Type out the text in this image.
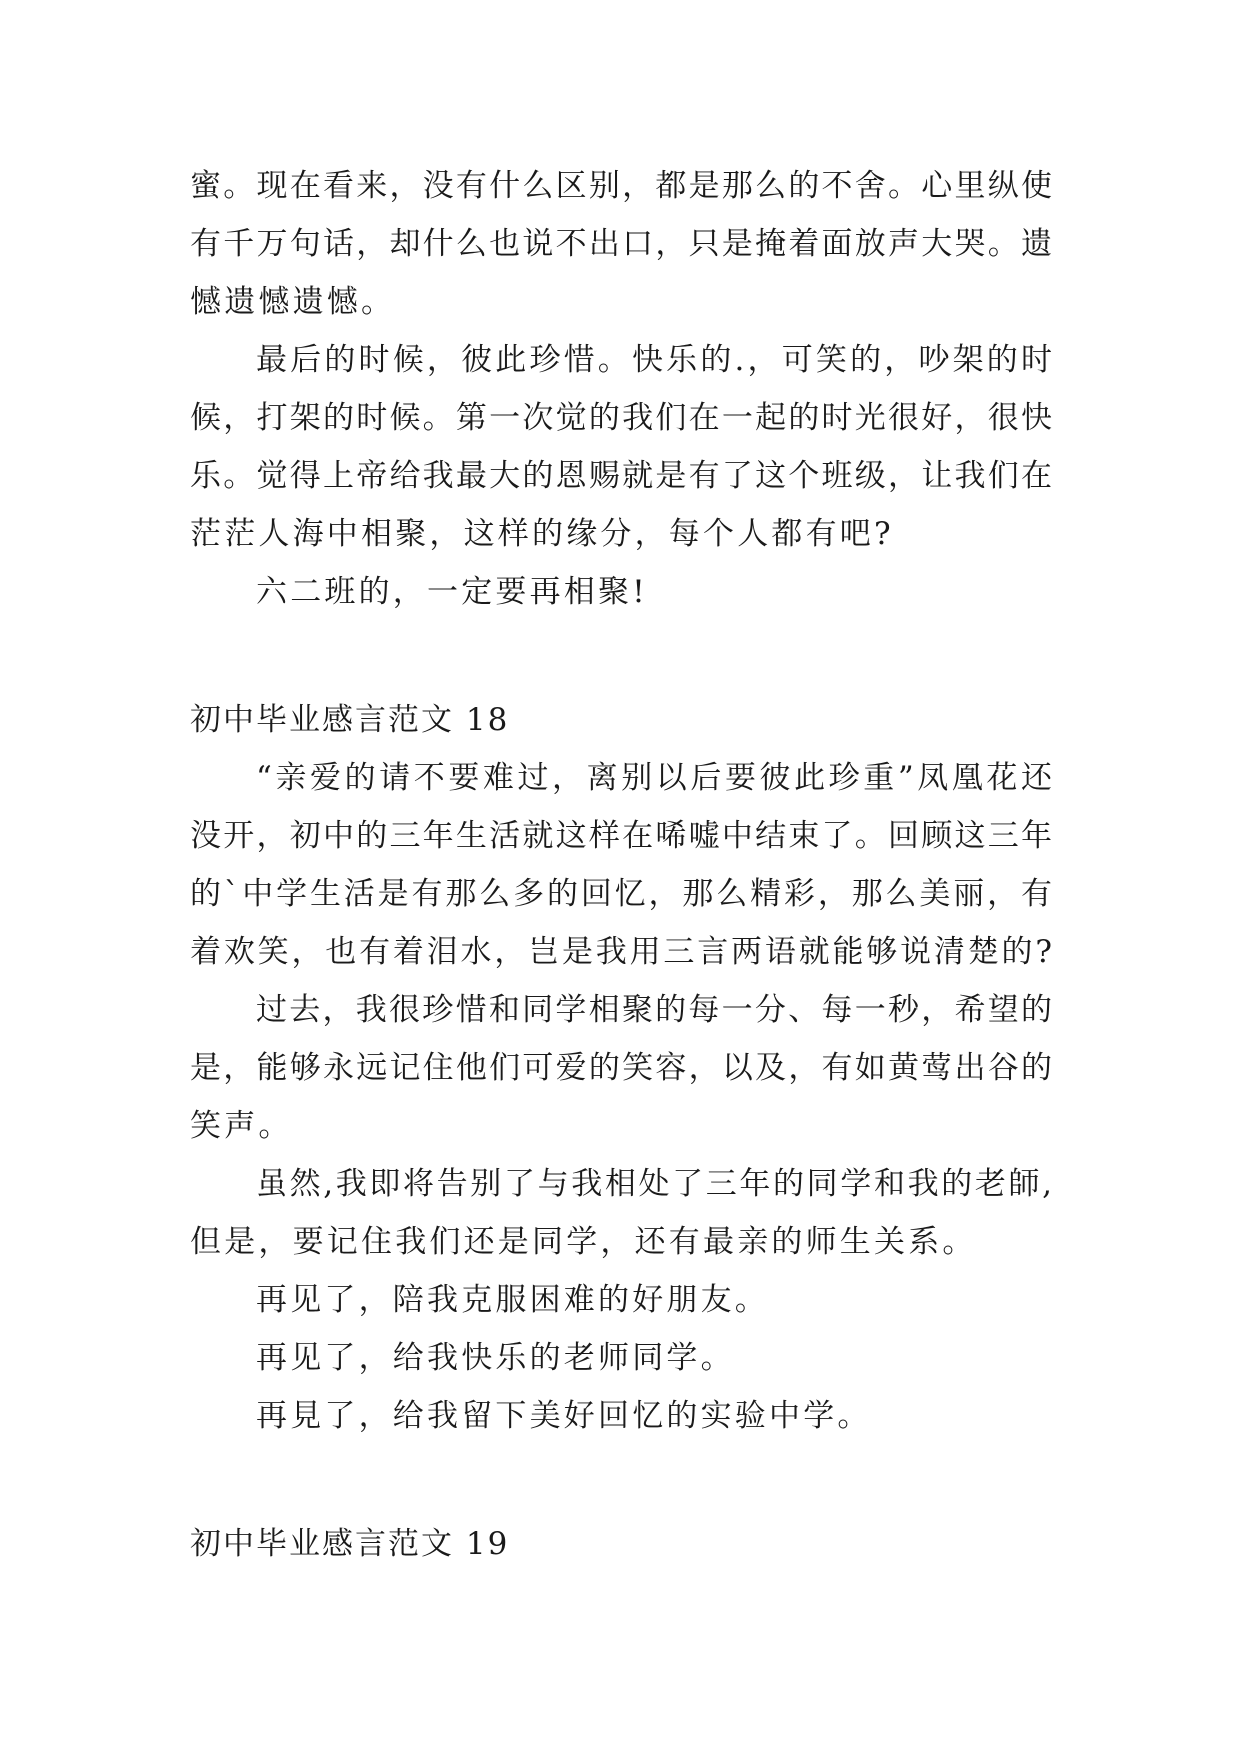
蜜。现在看来，没有什么区别，都是那么的不舍。心里纵使
有千万句话，却什么也说不出口，只是掩着面放声大哭。遗
憾遗憾遗憾。
最后的时候，彼此珍惜。快乐的.，可笑的，吵架的时
候，打架的时候。第一次觉的我们在一起的时光很好，很快
乐。觉得上帝给我最大的恩赐就是有了这个班级，让我们在
茫茫人海中相聚，这样的缘分，每个人都有吧?
六二班的，一定要再相聚!
初中毕业感言范文 18
“亲爱的请不要难过，离别以后要彼此珍重”凤凰花还
没开，初中的三年生活就这样在唏嘘中结束了。回顾这三年
的`中学生活是有那么多的回忆，那么精彩，那么美丽，有
着欢笑，也有着泪水，岂是我用三言两语就能够说清楚的?
过去，我很珍惜和同学相聚的每一分、每一秒，希望的
是，能够永远记住他们可爱的笑容，以及，有如黄莺出谷的
笑声。
虽然,我即将告别了与我相处了三年的同学和我的老師,
但是，要记住我们还是同学，还有最亲的师生关系。
再见了，陪我克服困难的好朋友。
再见了，给我快乐的老师同学。
再見了，给我留下美好回忆的实验中学。
初中毕业感言范文 19
